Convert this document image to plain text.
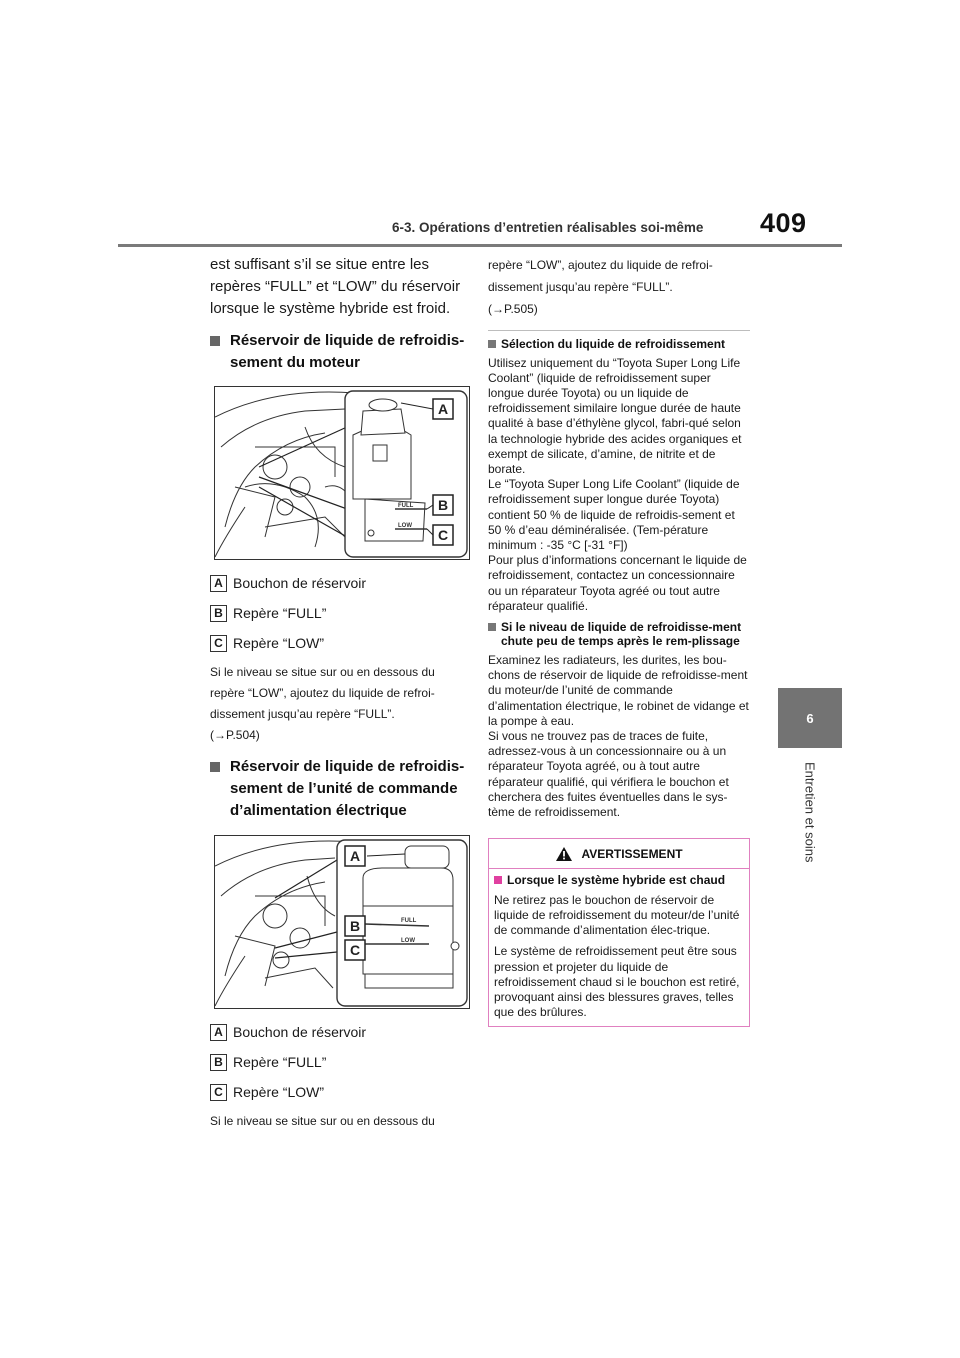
6-3. Opérations d’entretien réalisables soi-même 409
6
Entretien et soins

est suffisant s’il se situe entre les repères “FULL” et “LOW” du réservoir lorsque le système hybride est froid.

Réservoir de liquide de refroidis-sement du moteur
FULL
LOW
A
B
C
A Bouchon de réservoir
B Repère “FULL”
C Repère “LOW”
Si le niveau se situe sur ou en dessous du
repère “LOW”, ajoutez du liquide de refroi-
dissement jusqu’au repère “FULL”.
(→P.504)
Réservoir de liquide de refroidis-sement de l’unité de commande d’alimentation électrique
FULL
LOW
A
B
C
A Bouchon de réservoir
B Repère “FULL”
C Repère “LOW”
Si le niveau se situe sur ou en dessous du
repère “LOW”, ajoutez du liquide de refroi-
dissement jusqu’au repère “FULL”.
(→P.505)
Sélection du liquide de refroidissement
Utilisez uniquement du “Toyota Super Long Life Coolant” (liquide de refroidissement super longue durée Toyota) ou un liquide de refroidissement similaire longue durée de haute qualité à base d’éthylène glycol, fabri-qué selon la technologie hybride des acides organiques et exempt de silicate, d’amine, de nitrite et de borate.
Le “Toyota Super Long Life Coolant” (liquide de refroidissement super longue durée Toyota) contient 50 % de liquide de refroidis-sement et 50 % d’eau déminéralisée. (Tem-pérature minimum : -35 °C [-31 °F])
Pour plus d’informations concernant le liquide de refroidissement, contactez un concessionnaire ou un réparateur Toyota agréé ou tout autre réparateur qualifié.
Si le niveau de liquide de refroidisse-ment chute peu de temps après le rem-plissage
Examinez les radiateurs, les durites, les bou-chons de réservoir de liquide de refroidisse-ment du moteur/de l’unité de commande d’alimentation électrique, le robinet de vidange et la pompe à eau.
Si vous ne trouvez pas de traces de fuite, adressez-vous à un concessionnaire ou à un réparateur Toyota agréé, ou à tout autre réparateur qualifié, qui vérifiera le bouchon et cherchera des fuites éventuelles dans le sys-tème de refroidissement.
AVERTISSEMENT
Lorsque le système hybride est chaud
Ne retirez pas le bouchon de réservoir de liquide de refroidissement du moteur/de l’unité de commande d’alimentation élec-trique.
Le système de refroidissement peut être sous pression et projeter du liquide de refroidissement chaud si le bouchon est retiré, provoquant ainsi des blessures graves, telles que des brûlures.
